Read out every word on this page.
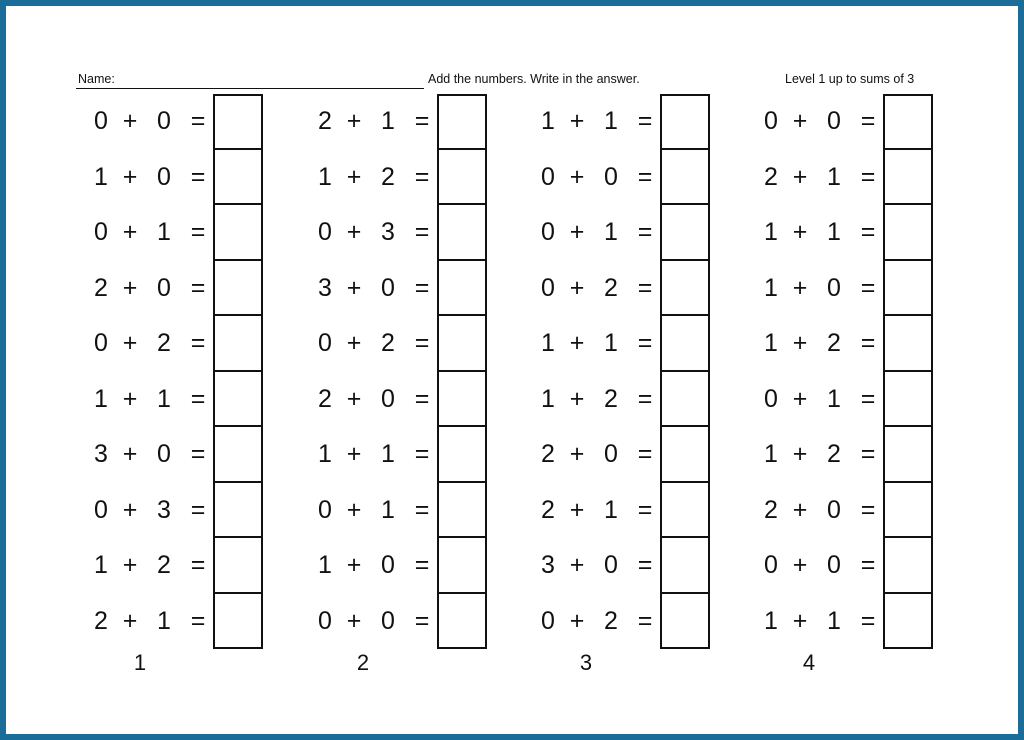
Name:	Add the numbers. Write in the answer.	Level 1 up to sums of 3
0 + 0 =
1 + 0 =
0 + 1 =
2 + 0 =
0 + 2 =
1 + 1 =
3 + 0 =
0 + 3 =
1 + 2 =
2 + 1 =
1
2 + 1 =
1 + 2 =
0 + 3 =
3 + 0 =
0 + 2 =
2 + 0 =
1 + 1 =
0 + 1 =
1 + 0 =
0 + 0 =
2
1 + 1 =
0 + 0 =
0 + 1 =
0 + 2 =
1 + 1 =
1 + 2 =
2 + 0 =
2 + 1 =
3 + 0 =
0 + 2 =
3
0 + 0 =
2 + 1 =
1 + 1 =
1 + 0 =
1 + 2 =
0 + 1 =
1 + 2 =
2 + 0 =
0 + 0 =
1 + 1 =
4
